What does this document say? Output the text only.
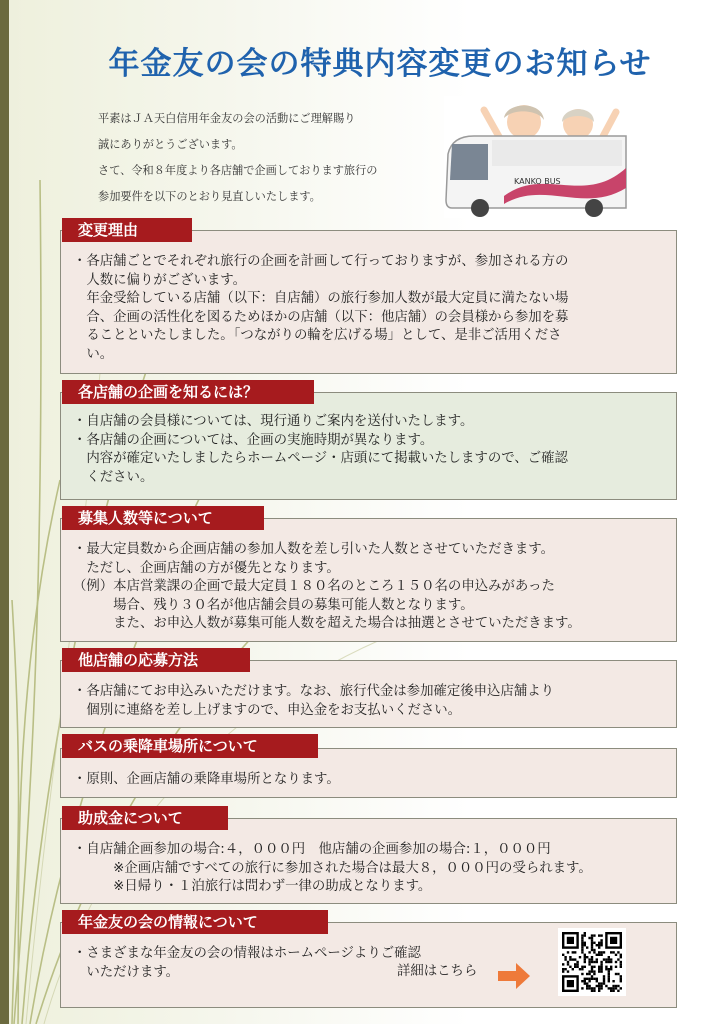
年金友の会の特典内容変更のお知らせ

平素はＪＡ天白信用年金友の会の活動にご理解賜り

誠にありがとうございます。

さて、令和８年度より各店舗で企画しております旅行の

参加要件を以下のとおり見直しいたします。

KANKO BUS

・各店舗ごとでそれぞれ旅行の企画を計画して行っておりますが、参加される方の

　人数に偏りがございます。

　年金受給している店舗（以下：自店舗）の旅行参加人数が最大定員に満たない場

　合、企画の活性化を図るためほかの店舗（以下：他店舗）の会員様から参加を募

　ることといたしました。「つながりの輪を広げる場」として、是非ご活用くださ

　い。

変更理由

・自店舗の会員様については、現行通りご案内を送付いたします。

・各店舗の企画については、企画の実施時期が異なります。

　内容が確定いたしましたらホームページ・店頭にて掲載いたしますので、ご確認

　ください。

各店舗の企画を知るには？

・最大定員数から企画店舗の参加人数を差し引いた人数とさせていただきます。

　ただし、企画店舗の方が優先となります。

（例）本店営業課の企画で最大定員１８０名のところ１５０名の申込みがあった

　　　場合、残り３０名が他店舗会員の募集可能人数となります。

　　　また、お申込人数が募集可能人数を超えた場合は抽選とさせていただきます。

募集人数等について

・各店舗にてお申込みいただけます。なお、旅行代金は参加確定後申込店舗より

　個別に連絡を差し上げますので、申込金をお支払いください。

他店舗の応募方法

・原則、企画店舗の乗降車場所となります。

バスの乗降車場所について

・自店舗企画参加の場合:４，０００円　他店舗の企画参加の場合:１，０００円

　　　※企画店舗ですべての旅行に参加された場合は最大８，０００円の受られます。

　　　※日帰り・１泊旅行は問わず一律の助成となります。

助成金について

・さまざまな年金友の会の情報はホームページよりご確認

　いただけます。	詳細はこちら
年金友の会の情報について
